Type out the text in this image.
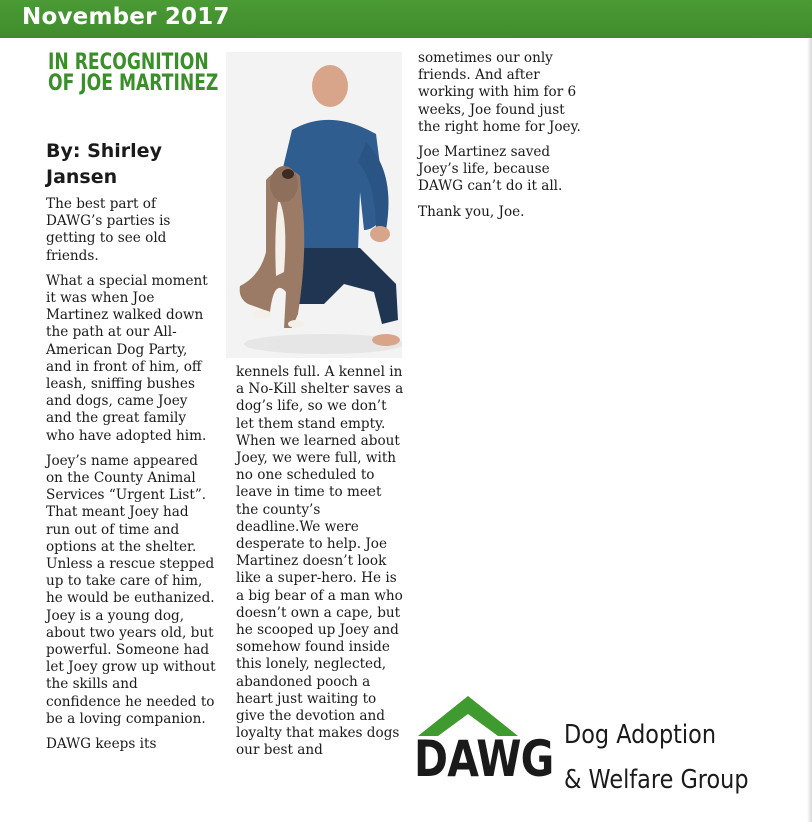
November 2017
IN RECOGNITION OF JOE MARTINEZ
By: Shirley Jansen

The best part of DAWG’s parties is getting to see old friends.

What a special moment it was when Joe Martinez walked down the path at our All-American Dog Party, and in front of him, off leash, sniffing bushes and dogs, came Joey and the great family who have adopted him.

Joey’s name appeared on the County Animal Services “Urgent List”. That meant Joey had run out of time and options at the shelter. Unless a rescue stepped up to take care of him, he would be euthanized. Joey is a young dog, about two years old, but powerful. Someone had let Joey grow up without the skills and confidence he needed to be a loving companion.

DAWG keeps its

kennels full. A kennel in a No-Kill shelter saves a dog’s life, so we don’t let them stand empty. When we learned about Joey, we were full, with no one scheduled to leave in time to meet the county’s deadline.We were desperate to help. Joe Martinez doesn’t look like a super-hero. He is a big bear of a man who doesn’t own a cape, but he scooped up Joey and somehow found inside this lonely, neglected, abandoned pooch a heart just waiting to give the devotion and loyalty that makes dogs our best and

sometimes our only friends. And after working with him for 6 weeks, Joe found just the right home for Joey.

Joe Martinez saved Joey’s life, because DAWG can’t do it all.

Thank you, Joe.

DAWG Dog Adoption
& Welfare Group
